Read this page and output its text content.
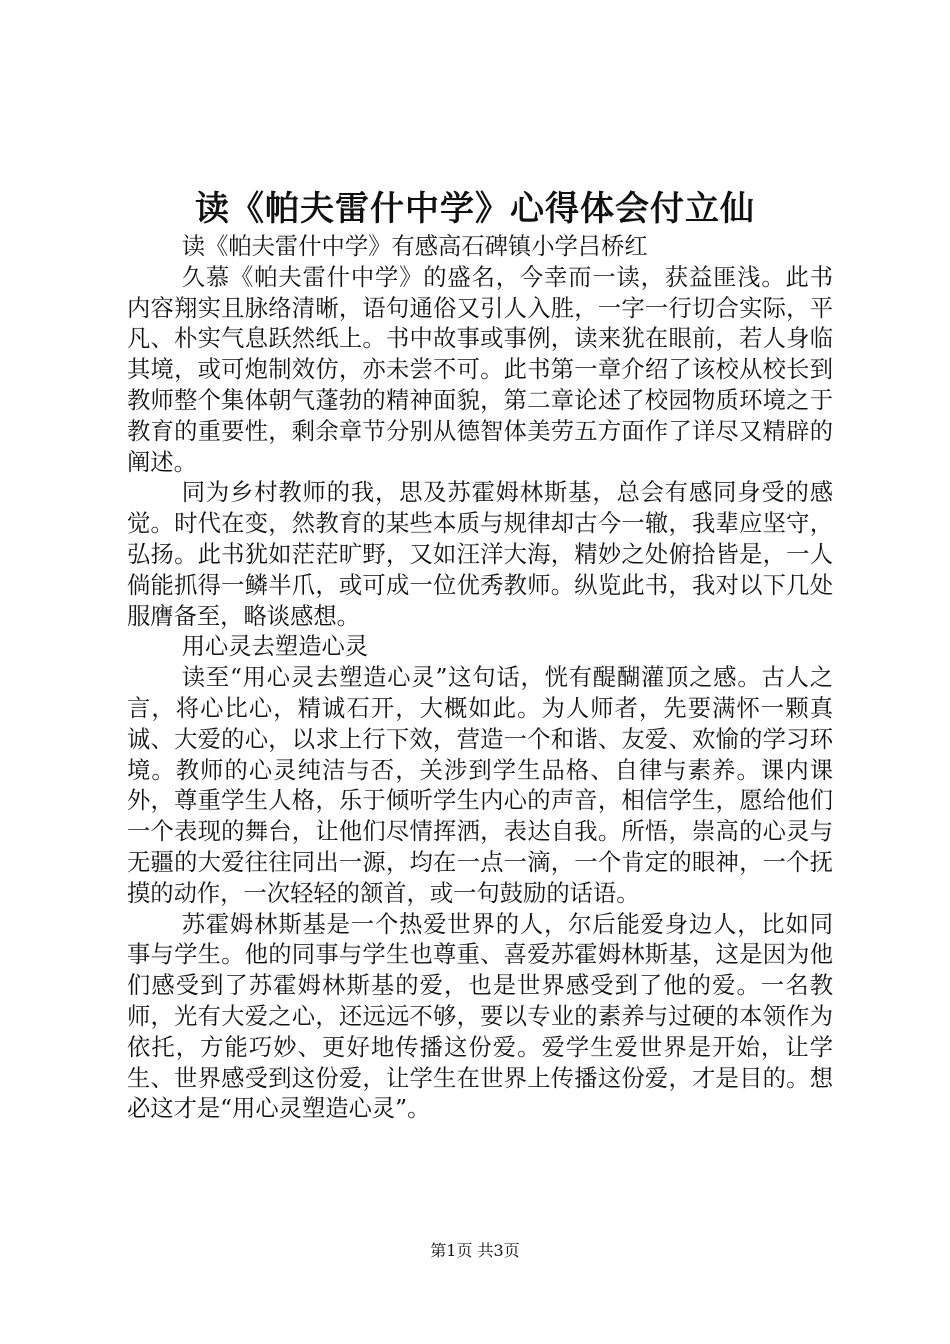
读《帕夫雷什中学》心得体会付立仙

读《帕夫雷什中学》有感高石碑镇小学吕桥红

久慕《帕夫雷什中学》的盛名，今幸而一读，获益匪浅。此书内容翔实且脉络清晰，语句通俗又引人入胜，一字一行切合实际，平凡、朴实气息跃然纸上。书中故事或事例，读来犹在眼前，若人身临其境，或可炮制效仿，亦未尝不可。此书第一章介绍了该校从校长到教师整个集体朝气蓬勃的精神面貌，第二章论述了校园物质环境之于教育的重要性，剩余章节分别从德智体美劳五方面作了详尽又精辟的阐述。

同为乡村教师的我，思及苏霍姆林斯基，总会有感同身受的感觉。时代在变，然教育的某些本质与规律却古今一辙，我辈应坚守，弘扬。此书犹如茫茫旷野，又如汪洋大海，精妙之处俯拾皆是，一人倘能抓得一鳞半爪，或可成一位优秀教师。纵览此书，我对以下几处服膺备至，略谈感想。

用心灵去塑造心灵

读至“用心灵去塑造心灵”这句话，恍有醍醐灌顶之感。古人之言，将心比心，精诚石开，大概如此。为人师者，先要满怀一颗真诚、大爱的心，以求上行下效，营造一个和谐、友爱、欢愉的学习环境。教师的心灵纯洁与否，关涉到学生品格、自律与素养。课内课外，尊重学生人格，乐于倾听学生内心的声音，相信学生，愿给他们一个表现的舞台，让他们尽情挥洒，表达自我。所悟，崇高的心灵与无疆的大爱往往同出一源，均在一点一滴，一个肯定的眼神，一个抚摸的动作，一次轻轻的颔首，或一句鼓励的话语。

苏霍姆林斯基是一个热爱世界的人，尔后能爱身边人，比如同事与学生。他的同事与学生也尊重、喜爱苏霍姆林斯基，这是因为他们感受到了苏霍姆林斯基的爱，也是世界感受到了他的爱。一名教师，光有大爱之心，还远远不够，要以专业的素养与过硬的本领作为依托，方能巧妙、更好地传播这份爱。爱学生爱世界是开始，让学生、世界感受到这份爱，让学生在世界上传播这份爱，才是目的。想必这才是“用心灵塑造心灵”。

第1页 共3页
